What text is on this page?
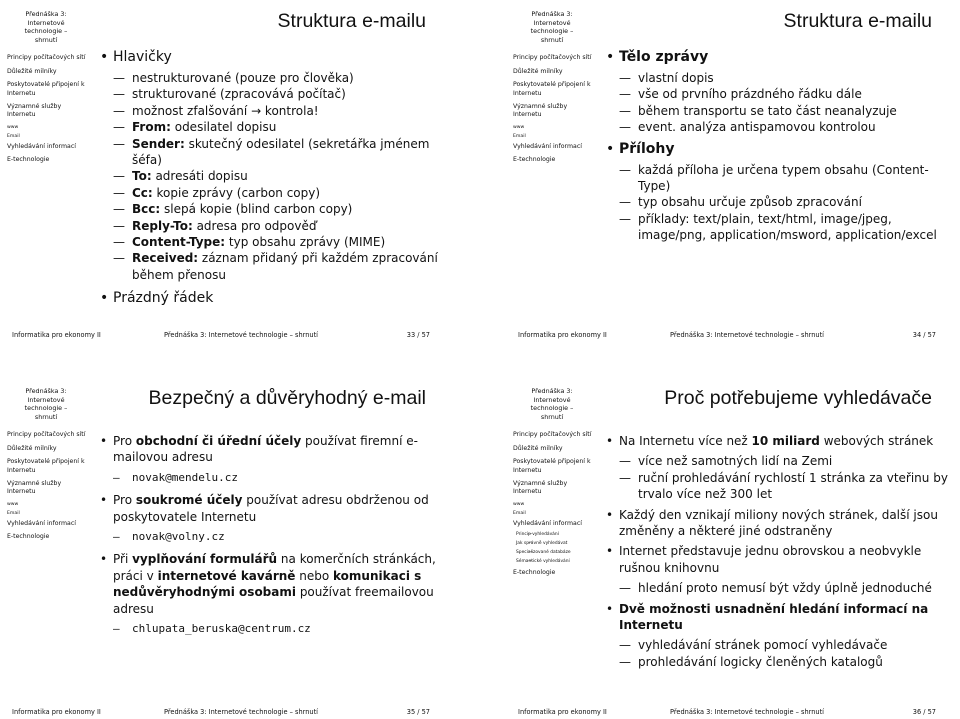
Přednáška 3:
Internetové
technologie –
shrnutí
Principy počítačových sítí
Důležité milníky
Poskytovatelé připojení k Internetu
Významné služby Internetu
www
Email
Vyhledávání informací
E-technologie
Struktura e-mailu
• Hlavičky
— nestrukturované (pouze pro člověka)
— strukturované (zpracovává počítač)
— možnost zfalšování → kontrola!
— From: odesilatel dopisu
— Sender: skutečný odesilatel (sekretářka jménem šéfa)
— To: adresáti dopisu
— Cc: kopie zprávy (carbon copy)
— Bcc: slepá kopie (blind carbon copy)
— Reply-To: adresa pro odpověď
— Content-Type: typ obsahu zprávy (MIME)
— Received: záznam přidaný při každém zpracování během přenosu
• Prázdný řádek
Informatika pro ekonomy II	Přednáška 3: Internetové technologie – shrnutí	33 / 57
Přednáška 3:
Internetové
technologie –
shrnutí
Principy počítačových sítí
Důležité milníky
Poskytovatelé připojení k Internetu
Významné služby Internetu
www
Email
Vyhledávání informací
E-technologie
Struktura e-mailu
• Tělo zprávy
— vlastní dopis
— vše od prvního prázdného řádku dále
— během transportu se tato část neanalyzuje
— event. analýza antispamovou kontrolou
• Přílohy
— každá příloha je určena typem obsahu (Content-Type)
— typ obsahu určuje způsob zpracování
— příklady: text/plain, text/html, image/jpeg, image/png, application/msword, application/excel
Informatika pro ekonomy II	Přednáška 3: Internetové technologie – shrnutí	34 / 57
Přednáška 3:
Internetové
technologie –
shrnutí
Principy počítačových sítí
Důležité milníky
Poskytovatelé připojení k Internetu
Významné služby Internetu
www
Email
Vyhledávání informací
E-technologie
Bezpečný a důvěryhodný e-mail
• Pro obchodní či úřední účely používat firemní e-mailovou adresu
— novak@mendelu.cz
• Pro soukromé účely používat adresu obdrženou od poskytovatele Internetu
— novak@volny.cz
• Při vyplňování formulářů na komerčních stránkách, práci v internetové kavárně nebo komunikaci s nedůvěryhodnými osobami používat freemailovou adresu
— chlupata_beruska@centrum.cz
Informatika pro ekonomy II	Přednáška 3: Internetové technologie – shrnutí	35 / 57
Přednáška 3:
Internetové
technologie –
shrnutí
Principy počítačových sítí
Důležité milníky
Poskytovatelé připojení k Internetu
Významné služby Internetu
www
Email
Vyhledávání informací
— Princip vyhledávání
— Jak správně vyhledávat
— Specializované databáze
— Sémantické vyhledávání
E-technologie
Proč potřebujeme vyhledávače
• Na Internetu více než 10 miliard webových stránek
— více než samotných lidí na Zemi
— ruční prohledávání rychlostí 1 stránka za vteřinu by trvalo více než 300 let
• Každý den vznikají miliony nových stránek, další jsou změněny a některé jiné odstraněny
• Internet představuje jednu obrovskou a neobvykle rušnou knihovnu
— hledání proto nemusí být vždy úplně jednoduché
• Dvě možnosti usnadnění hledání informací na Internetu
— vyhledávání stránek pomocí vyhledávače
— prohledávání logicky členěných katalogů
Informatika pro ekonomy II	Přednáška 3: Internetové technologie – shrnutí	36 / 57
